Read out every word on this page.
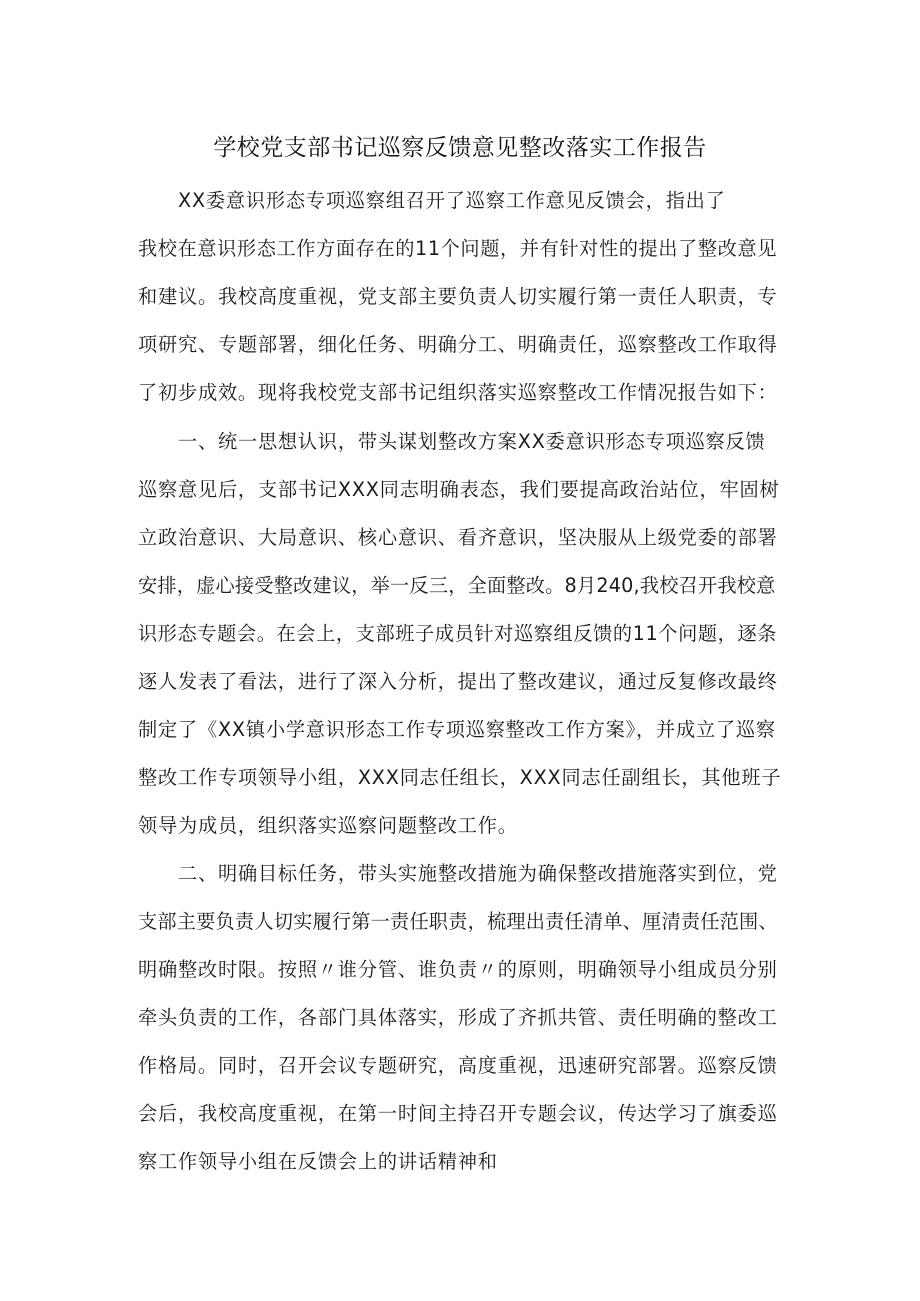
学校党支部书记巡察反馈意见整改落实工作报告
XX委意识形态专项巡察组召开了巡察工作意见反馈会，指出了
我校在意识形态工作方面存在的11个问题，并有针对性的提出了整改意见
和建议。我校高度重视，党支部主要负责人切实履行第一责任人职责，专
项研究、专题部署，细化任务、明确分工、明确责任，巡察整改工作取得
了初步成效。现将我校党支部书记组织落实巡察整改工作情况报告如下：
一、统一思想认识，带头谋划整改方案XX委意识形态专项巡察反馈
巡察意见后，支部书记XXX同志明确表态，我们要提高政治站位，牢固树
立政治意识、大局意识、核心意识、看齐意识，坚决服从上级党委的部署
安排，虚心接受整改建议，举一反三，全面整改。8月240,我校召开我校意
识形态专题会。在会上，支部班子成员针对巡察组反馈的11个问题，逐条
逐人发表了看法，进行了深入分析，提出了整改建议，通过反复修改最终
制定了《XX镇小学意识形态工作专项巡察整改工作方案》，并成立了巡察
整改工作专项领导小组，XXX同志任组长，XXX同志任副组长，其他班子
领导为成员，组织落实巡察问题整改工作。
二、明确目标任务，带头实施整改措施为确保整改措施落实到位，党
支部主要负责人切实履行第一责任职责，梳理出责任清单、厘清责任范围、
明确整改时限。按照〃谁分管、谁负责〃的原则，明确领导小组成员分别
牵头负责的工作，各部门具体落实，形成了齐抓共管、责任明确的整改工
作格局。同时，召开会议专题研究，高度重视，迅速研究部署。巡察反馈
会后，我校高度重视，在第一时间主持召开专题会议，传达学习了旗委巡
察工作领导小组在反馈会上的讲话精神和
